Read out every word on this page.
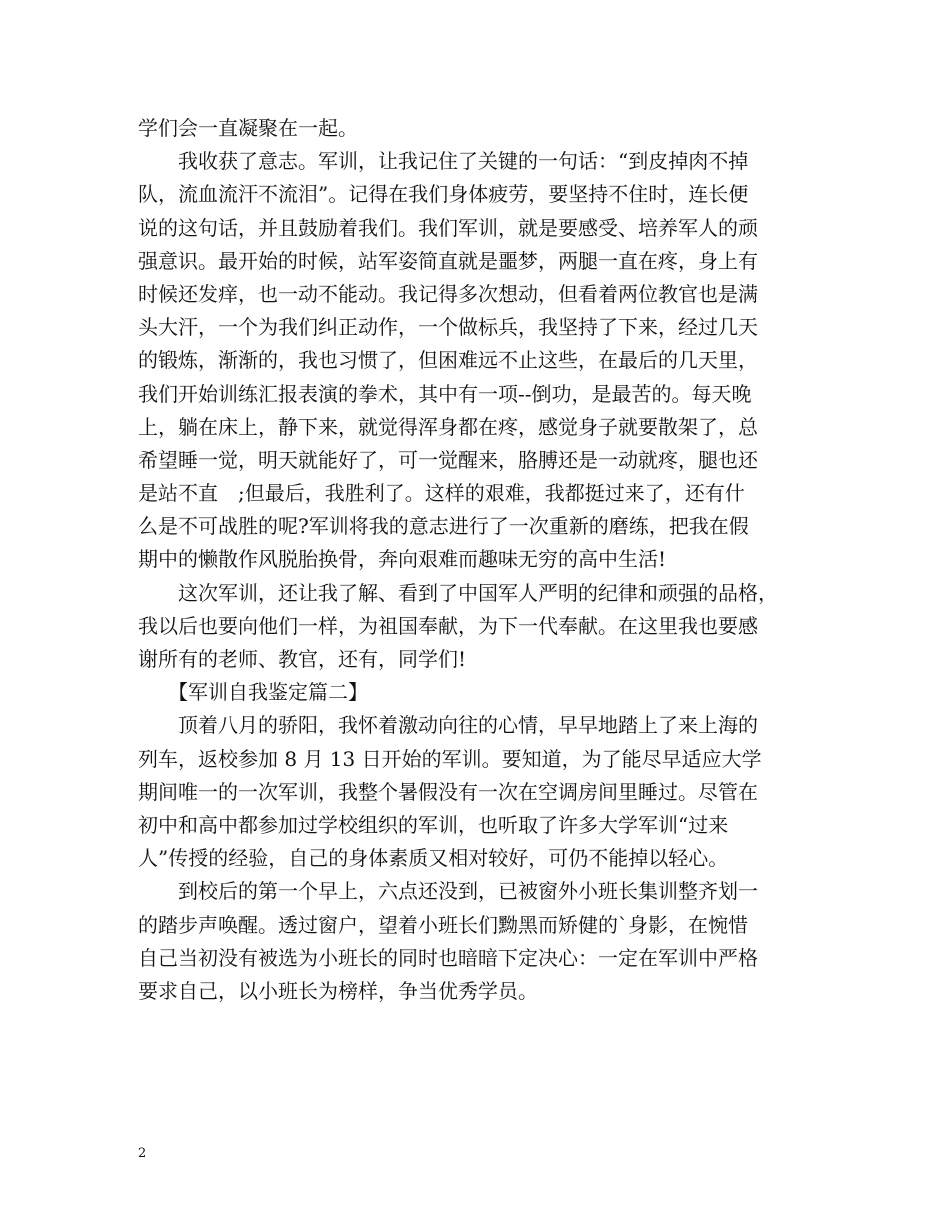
学们会一直凝聚在一起。
　　我收获了意志。军训，让我记住了关键的一句话：“到皮掉肉不掉
队，流血流汗不流泪”。记得在我们身体疲劳，要坚持不住时，连长便
说的这句话，并且鼓励着我们。我们军训，就是要感受、培养军人的顽
强意识。最开始的时候，站军姿简直就是噩梦，两腿一直在疼，身上有
时候还发痒，也一动不能动。我记得多次想动，但看着两位教官也是满
头大汗，一个为我们纠正动作，一个做标兵，我坚持了下来，经过几天
的锻炼，渐渐的，我也习惯了，但困难远不止这些，在最后的几天里，
我们开始训练汇报表演的拳术，其中有一项--倒功，是最苦的。每天晚
上，躺在床上，静下来，就觉得浑身都在疼，感觉身子就要散架了，总
希望睡一觉，明天就能好了，可一觉醒来，胳膊还是一动就疼，腿也还
是站不直　;但最后，我胜利了。这样的艰难，我都挺过来了，还有什
么是不可战胜的呢?军训将我的意志进行了一次重新的磨练，把我在假
期中的懒散作风脱胎换骨，奔向艰难而趣味无穷的高中生活!
　　这次军训，还让我了解、看到了中国军人严明的纪律和顽强的品格，
我以后也要向他们一样，为祖国奉献，为下一代奉献。在这里我也要感
谢所有的老师、教官，还有，同学们!
　　【军训自我鉴定篇二】
　　顶着八月的骄阳，我怀着激动向往的心情，早早地踏上了来上海的
列车，返校参加 8 月 13 日开始的军训。要知道，为了能尽早适应大学
期间唯一的一次军训，我整个暑假没有一次在空调房间里睡过。尽管在
初中和高中都参加过学校组织的军训，也听取了许多大学军训“过来
人”传授的经验，自己的身体素质又相对较好，可仍不能掉以轻心。
　　到校后的第一个早上，六点还没到，已被窗外小班长集训整齐划一
的踏步声唤醒。透过窗户，望着小班长们黝黑而矫健的`身影，在惋惜
自己当初没有被选为小班长的同时也暗暗下定决心：一定在军训中严格
要求自己，以小班长为榜样，争当优秀学员。
2
